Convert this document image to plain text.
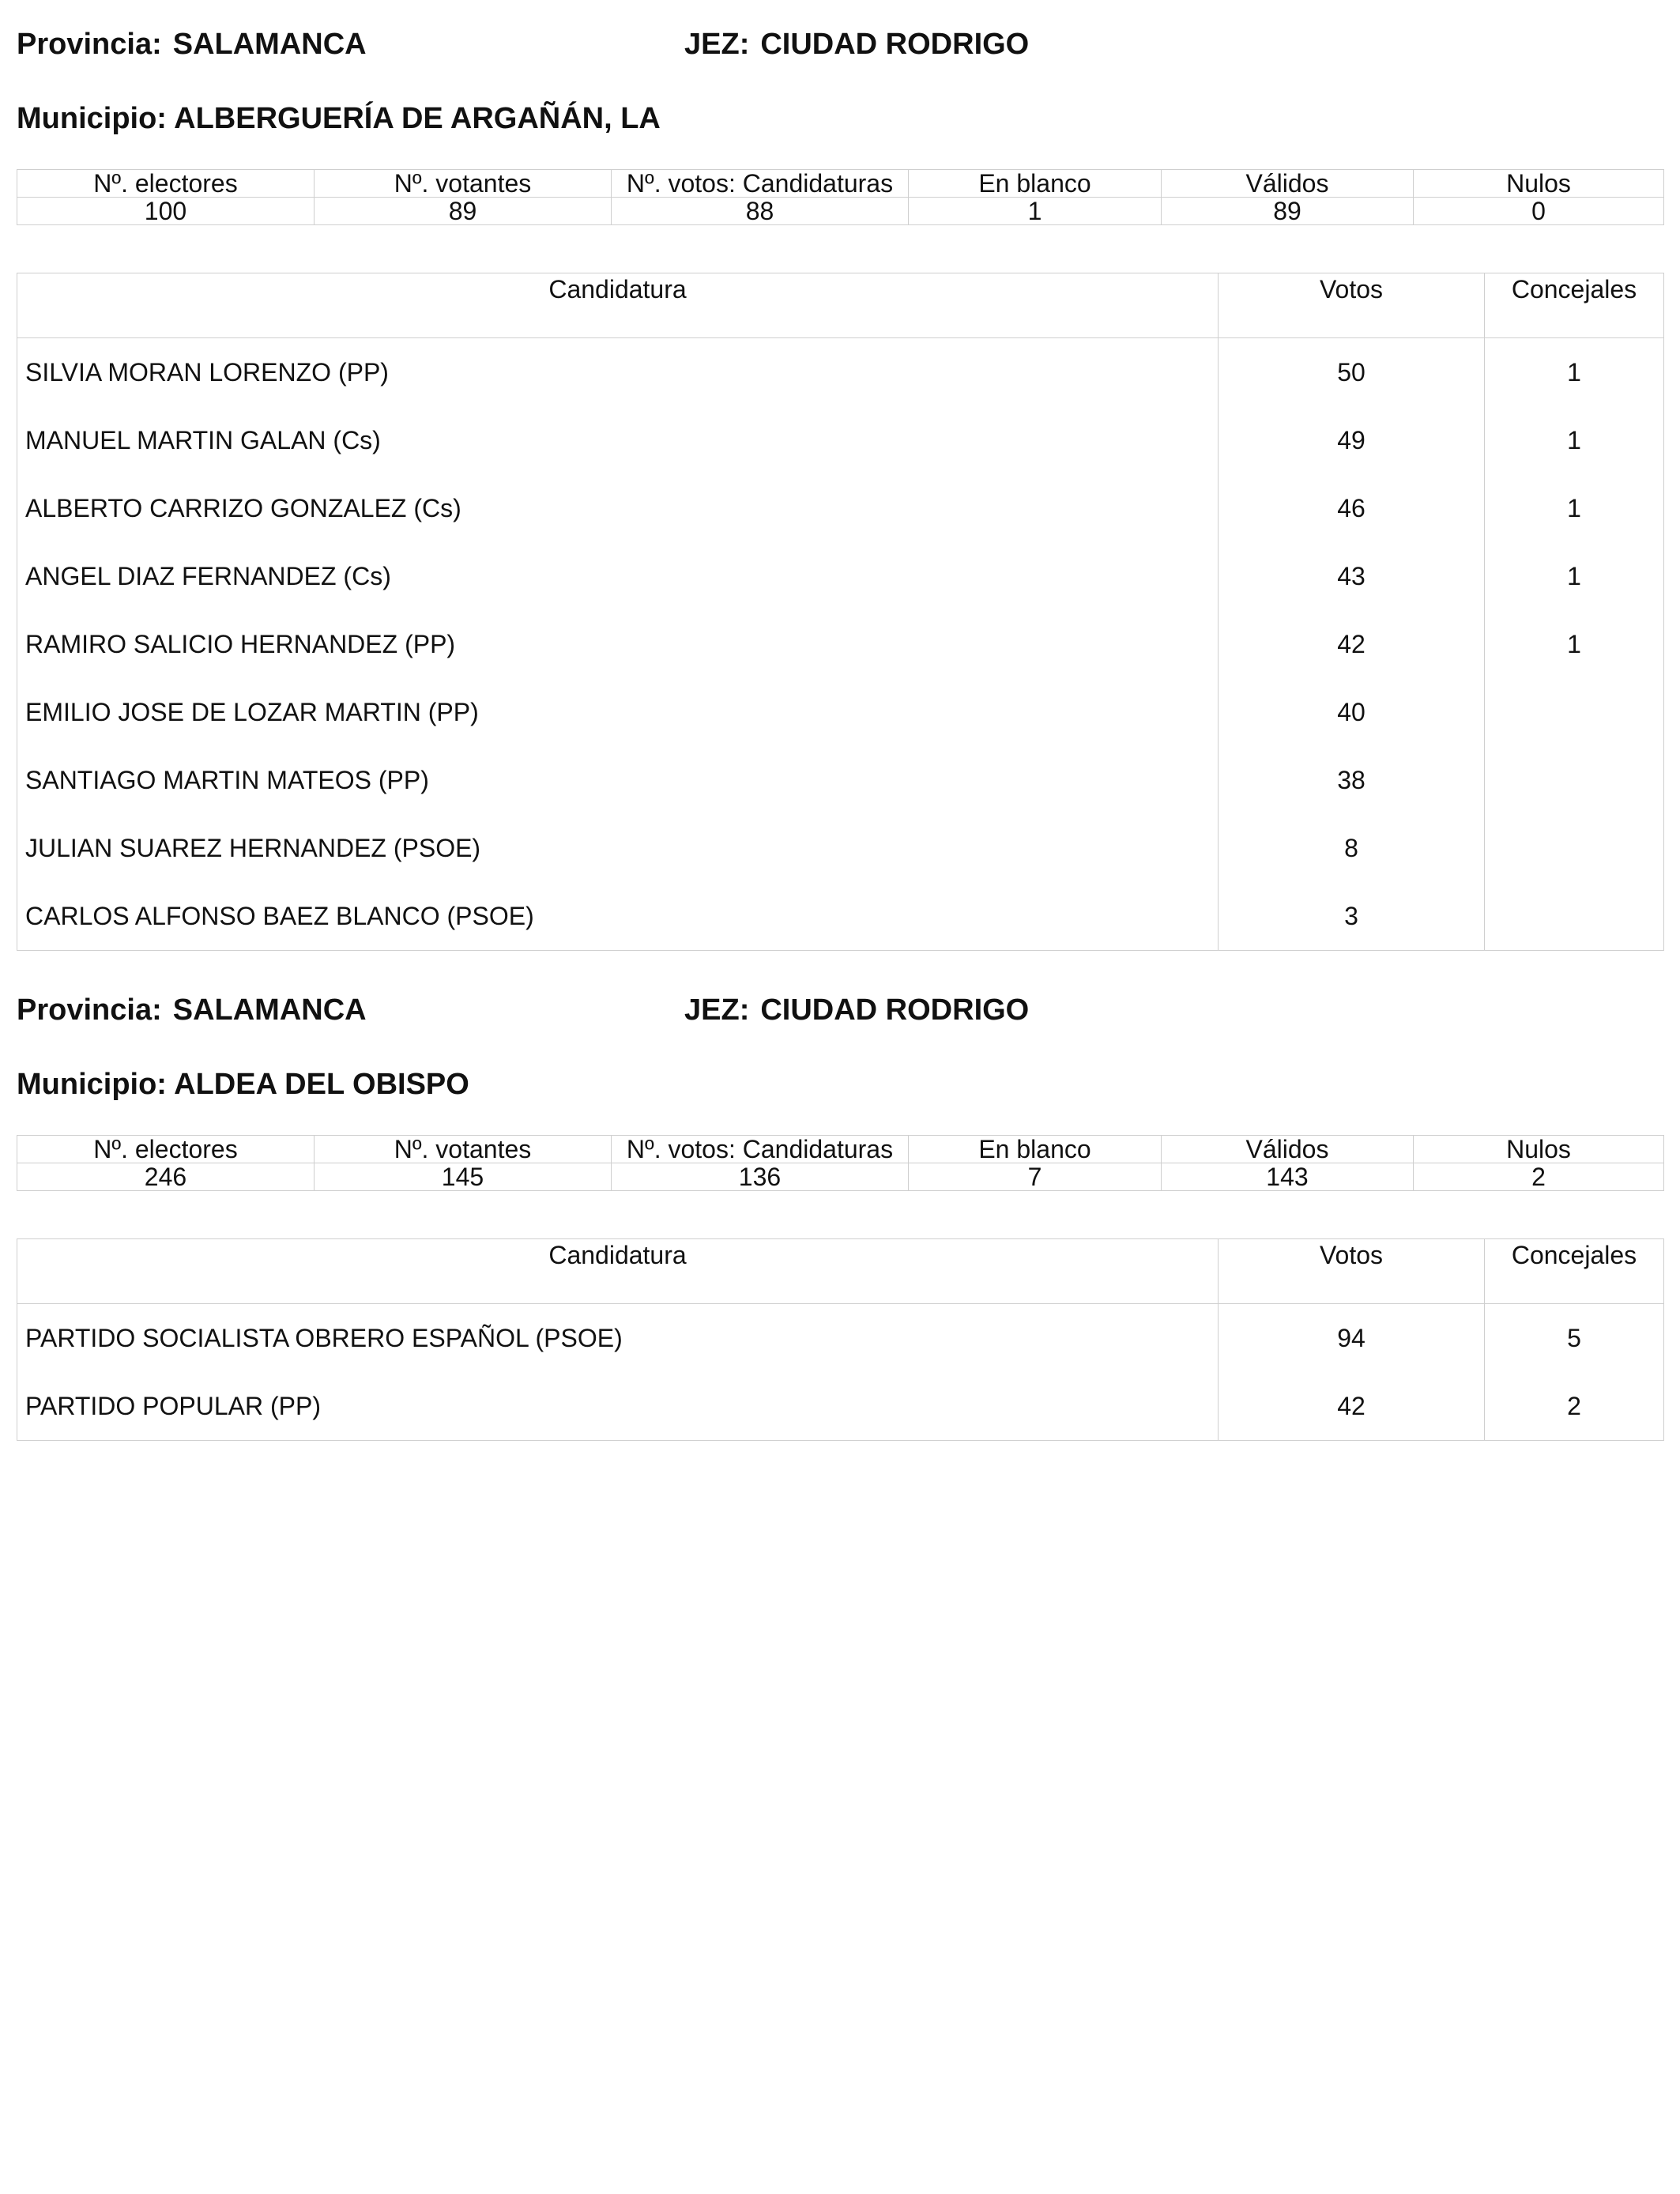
Provincia: SALAMANCA	JEZ: CIUDAD RODRIGO
Municipio: ALBERGUERÍA DE ARGAÑÁN, LA
Nº. electores	Nº. votantes	Nº. votos: Candidaturas	En blanco	Válidos	Nulos
100	89	88	1	89	0
Candidatura	Votos	Concejales
SILVIA MORAN LORENZO (PP)	50	1
MANUEL MARTIN GALAN (Cs)	49	1
ALBERTO CARRIZO GONZALEZ (Cs)	46	1
ANGEL DIAZ FERNANDEZ (Cs)	43	1
RAMIRO SALICIO HERNANDEZ (PP)	42	1
EMILIO JOSE DE LOZAR MARTIN (PP)	40	
SANTIAGO MARTIN MATEOS (PP)	38	
JULIAN SUAREZ HERNANDEZ (PSOE)	8	
CARLOS ALFONSO BAEZ BLANCO (PSOE)	3	
Provincia: SALAMANCA	JEZ: CIUDAD RODRIGO
Municipio: ALDEA DEL OBISPO
Nº. electores	Nº. votantes	Nº. votos: Candidaturas	En blanco	Válidos	Nulos
246	145	136	7	143	2
Candidatura	Votos	Concejales
PARTIDO SOCIALISTA OBRERO ESPAÑOL (PSOE)	94	5
PARTIDO POPULAR (PP)	42	2
